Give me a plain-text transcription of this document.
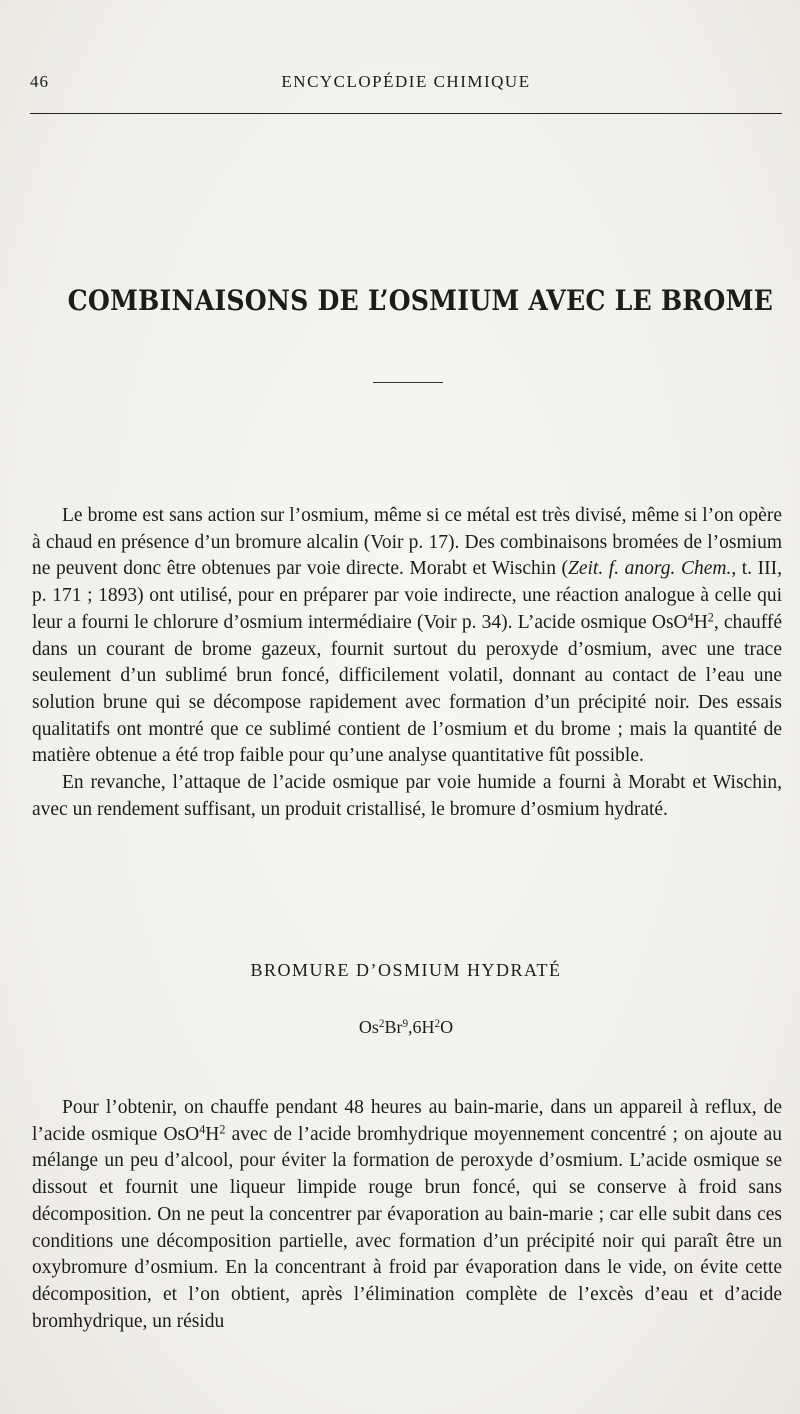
46	ENCYCLOPÉDIE CHIMIQUE
COMBINAISONS DE L’OSMIUM AVEC LE BROME

Le brome est sans action sur l’osmium, même si ce métal est très divisé, même si l’on opère à chaud en présence d’un bromure alcalin (Voir p. 17). Des combinaisons bromées de l’osmium ne peuvent donc être obtenues par voie directe. Morabt et Wischin (Zeit. f. anorg. Chem., t. III, p. 171 ; 1893) ont utilisé, pour en préparer par voie indirecte, une réaction analogue à celle qui leur a fourni le chlorure d’osmium intermédiaire (Voir p. 34). L’acide osmique $OsO^4H^2$, chauffé dans un courant de brome gazeux, fournit surtout du peroxyde d’osmium, avec une trace seulement d’un sublimé brun foncé, difficilement volatil, donnant au contact de l’eau une solution brune qui se décompose rapidement avec formation d’un précipité noir. Des essais qualitatifs ont montré que ce sublimé contient de l’osmium et du brome ; mais la quantité de matière obtenue a été trop faible pour qu’une analyse quantitative fût possible.

En revanche, l’attaque de l’acide osmique par voie humide a fourni à Morabt et Wischin, avec un rendement suffisant, un produit cristallisé, le bromure d’osmium hydraté.

BROMURE D’OSMIUM HYDRATÉ
$Os^2Br^9,6H^2O$

Pour l’obtenir, on chauffe pendant 48 heures au bain-marie, dans un appareil à reflux, de l’acide osmique $OsO^4H^2$ avec de l’acide bromhydrique moyennement concentré ; on ajoute au mélange un peu d’alcool, pour éviter la formation de peroxyde d’osmium. L’acide osmique se dissout et fournit une liqueur limpide rouge brun foncé, qui se conserve à froid sans décomposition. On ne peut la concentrer par évaporation au bain-marie ; car elle subit dans ces conditions une décomposition partielle, avec formation d’un précipité noir qui paraît être un oxybromure d’osmium. En la concentrant à froid par évaporation dans le vide, on évite cette décomposition, et l’on obtient, après l’élimination complète de l’excès d’eau et d’acide bromhydrique, un résidu
